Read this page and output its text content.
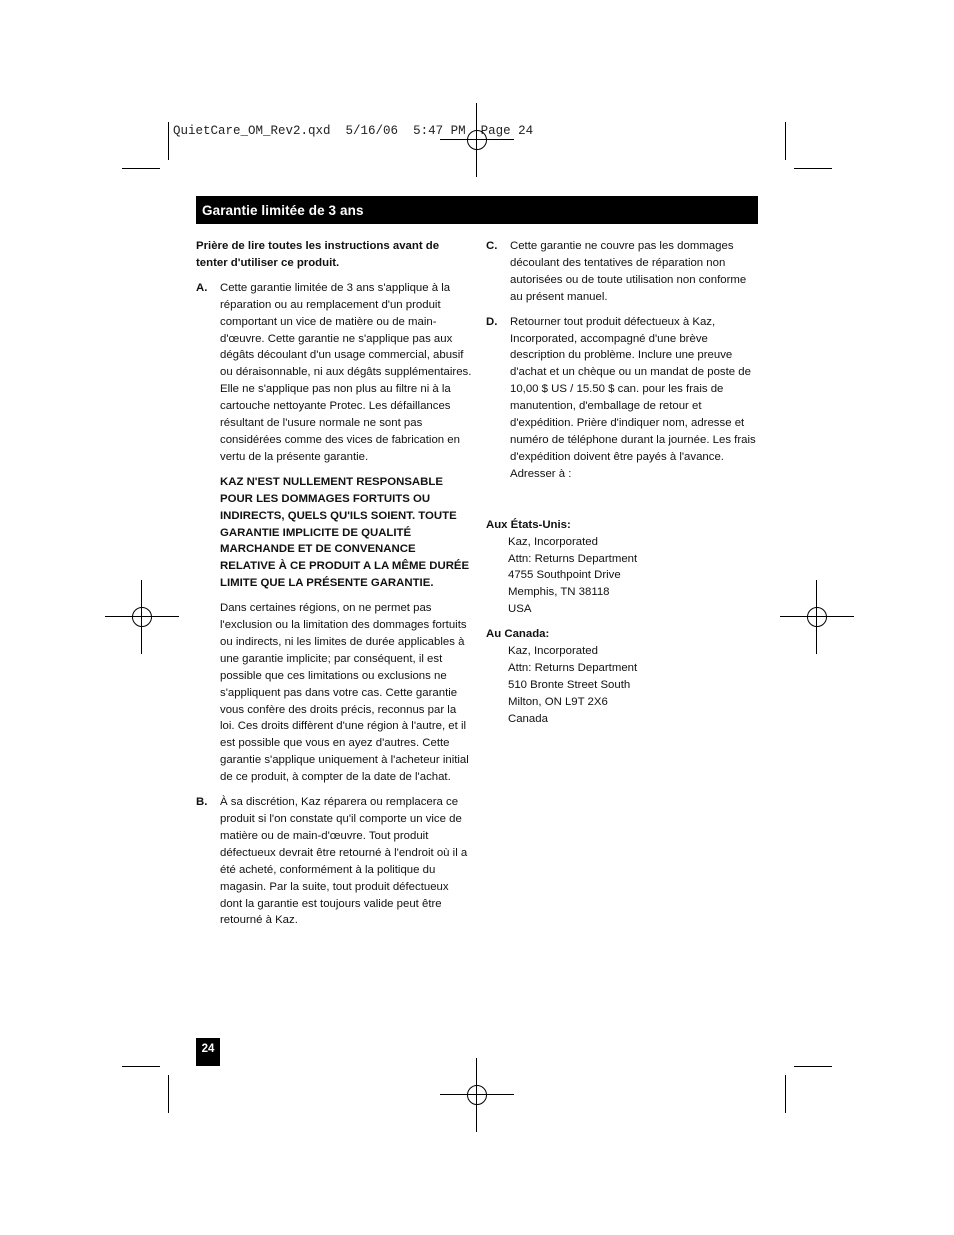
QuietCare_OM_Rev2.qxd 5/16/06 5:47 PM Page 24
Garantie limitée de 3 ans

Prière de lire toutes les instructions avant de tenter d'utiliser ce produit.

A. Cette garantie limitée de 3 ans s'applique à la réparation ou au remplacement d'un produit comportant un vice de matière ou de main-d'œuvre. Cette garantie ne s'applique pas aux dégâts découlant d'un usage commercial, abusif ou déraisonnable, ni aux dégâts supplémentaires. Elle ne s'applique pas non plus au filtre ni à la cartouche nettoyante Protec. Les défaillances résultant de l'usure normale ne sont pas considérées comme des vices de fabrication en vertu de la présente garantie.

KAZ N'EST NULLEMENT RESPONSABLE POUR LES DOMMAGES FORTUITS OU INDIRECTS, QUELS QU'ILS SOIENT. TOUTE GARANTIE IMPLICITE DE QUALITÉ MARCHANDE ET DE CONVENANCE RELATIVE À CE PRODUIT A LA MÊME DURÉE LIMITE QUE LA PRÉSENTE GARANTIE.

Dans certaines régions, on ne permet pas l'exclusion ou la limitation des dommages fortuits ou indirects, ni les limites de durée applicables à une garantie implicite; par conséquent, il est possible que ces limitations ou exclusions ne s'appliquent pas dans votre cas. Cette garantie vous confère des droits précis, reconnus par la loi. Ces droits diffèrent d'une région à l'autre, et il est possible que vous en ayez d'autres. Cette garantie s'applique uniquement à l'acheteur initial de ce produit, à compter de la date de l'achat.

B. À sa discrétion, Kaz réparera ou remplacera ce produit si l'on constate qu'il comporte un vice de matière ou de main-d'œuvre. Tout produit défectueux devrait être retourné à l'endroit où il a été acheté, conformément à la politique du magasin. Par la suite, tout produit défectueux dont la garantie est toujours valide peut être retourné à Kaz.

C. Cette garantie ne couvre pas les dommages découlant des tentatives de réparation non autorisées ou de toute utilisation non conforme au présent manuel.

D. Retourner tout produit défectueux à Kaz, Incorporated, accompagné d'une brève description du problème. Inclure une preuve d'achat et un chèque ou un mandat de poste de 10,00 $ US / 15.50 $ can. pour les frais de manutention, d'emballage de retour et d'expédition. Prière d'indiquer nom, adresse et numéro de téléphone durant la journée. Les frais d'expédition doivent être payés à l'avance. Adresser à :

Aux États-Unis:

Kaz, Incorporated
Attn: Returns Department
4755 Southpoint Drive
Memphis, TN 38118
USA

Au Canada:

Kaz, Incorporated
Attn: Returns Department
510 Bronte Street South
Milton, ON L9T 2X6
Canada
24
